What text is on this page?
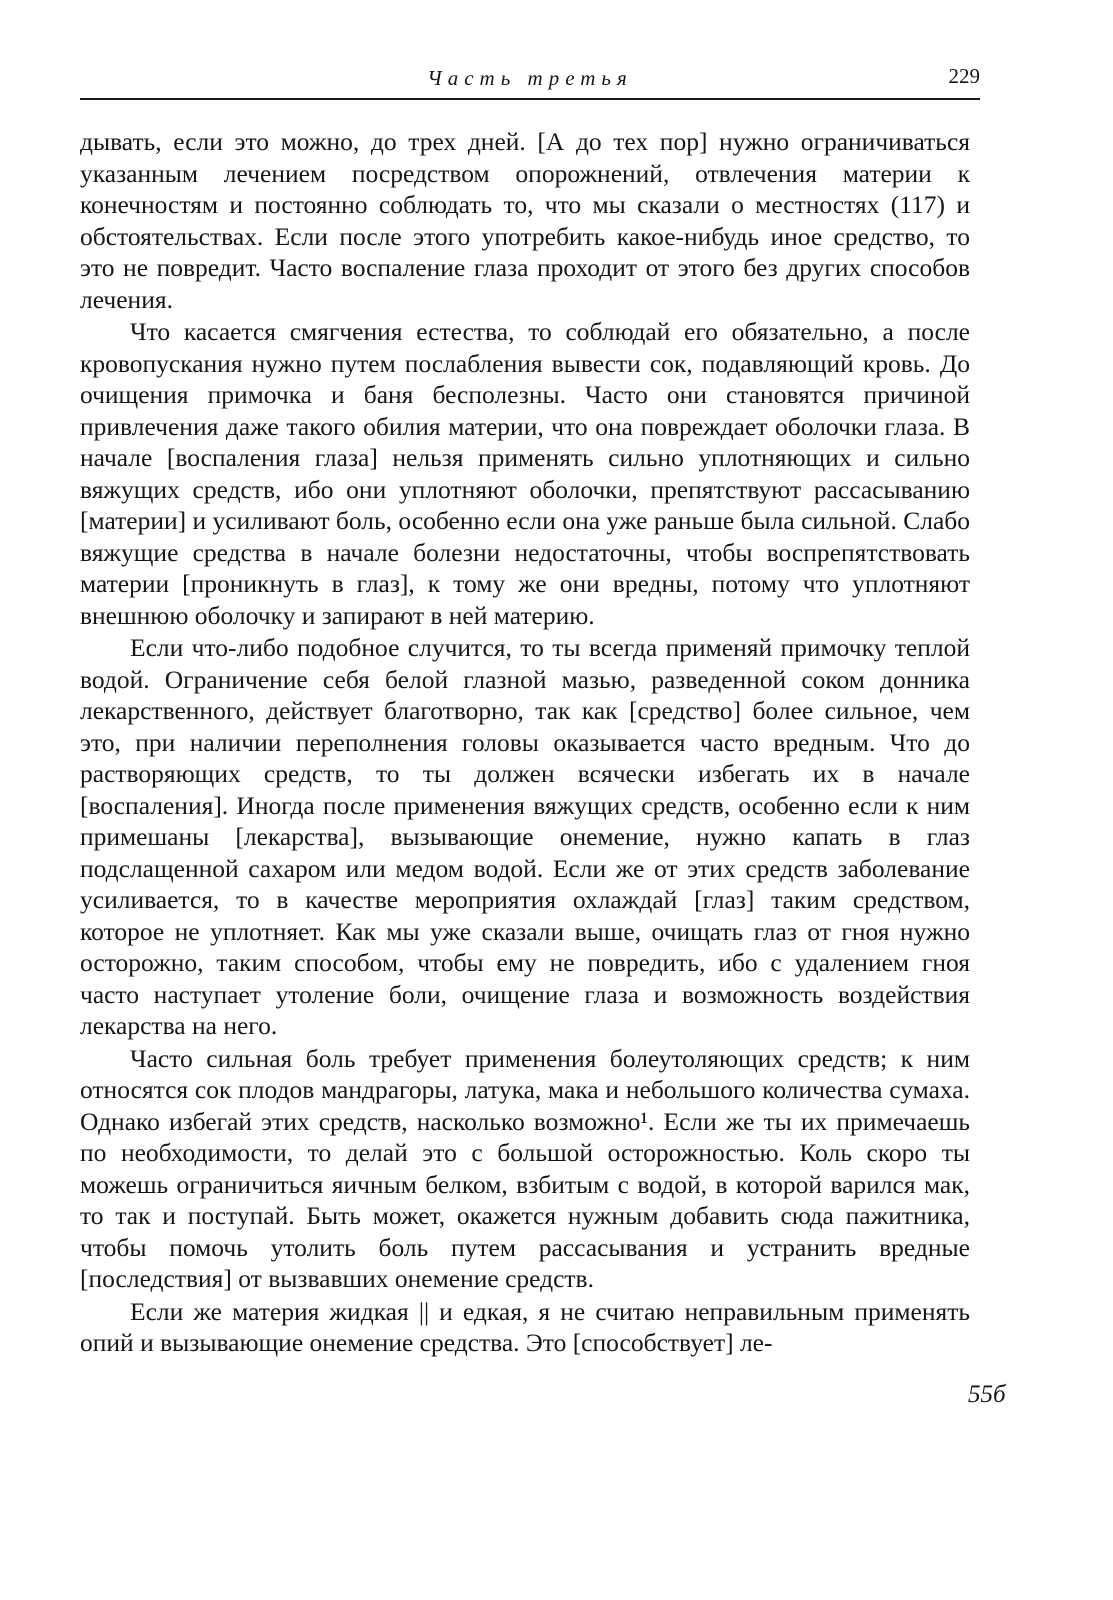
Часть третья	229

дывать, если это можно, до трех дней. [А до тех пор] нужно ограничиваться указанным лечением посредством опорожнений, отвлечения материи к конечностям и постоянно соблюдать то, что мы сказали о местностях (117) и обстоятельствах. Если после этого употребить какое-нибудь иное средство, то это не повредит. Часто воспаление глаза проходит от этого без других способов лечения.

Что касается смягчения естества, то соблюдай его обязательно, а после кровопускания нужно путем послабления вывести сок, подавляющий кровь. До очищения примочка и баня бесполезны. Часто они становятся причиной привлечения даже такого обилия материи, что она повреждает оболочки глаза. В начале [воспаления глаза] нельзя применять сильно уплотняющих и сильно вяжущих средств, ибо они уплотняют оболочки, препятствуют рассасыванию [материи] и усиливают боль, особенно если она уже раньше была сильной. Слабо вяжущие средства в начале болезни недостаточны, чтобы воспрепятствовать материи [проникнуть в глаз], к тому же они вредны, потому что уплотняют внешнюю оболочку и запирают в ней материю.

Если что-либо подобное случится, то ты всегда применяй примочку теплой водой. Ограничение себя белой глазной мазью, разведенной соком донника лекарственного, действует благотворно, так как [средство] более сильное, чем это, при наличии переполнения головы оказывается часто вредным. Что до растворяющих средств, то ты должен всячески избегать их в начале [воспаления]. Иногда после применения вяжущих средств, особенно если к ним примешаны [лекарства], вызывающие онемение, нужно капать в глаз подслащенной сахаром или медом водой. Если же от этих средств заболевание усиливается, то в качестве мероприятия охлаждай [глаз] таким средством, которое не уплотняет. Как мы уже сказали выше, очищать глаз от гноя нужно осторожно, таким способом, чтобы ему не повредить, ибо с удалением гноя часто наступает утоление боли, очищение глаза и возможность воздействия лекарства на него.

Часто сильная боль требует применения болеутоляющих средств; к ним относятся сок плодов мандрагоры, латука, мака и небольшого количества сумаха. Однако избегай этих средств, насколько возможно¹. Если же ты их примечаешь по необходимости, то делай это с большой осторожностью. Коль скоро ты можешь ограничиться яичным белком, взбитым с водой, в которой варился мак, то так и поступай. Быть может, окажется нужным добавить сюда пажитника, чтобы помочь утолить боль путем рассасывания и устранить вредные [последствия] от вызвавших онемение средств.

Если же материя жидкая || и едкая, я не считаю неправильным применять опий и вызывающие онемение средства. Это [способствует] ле-

55б
